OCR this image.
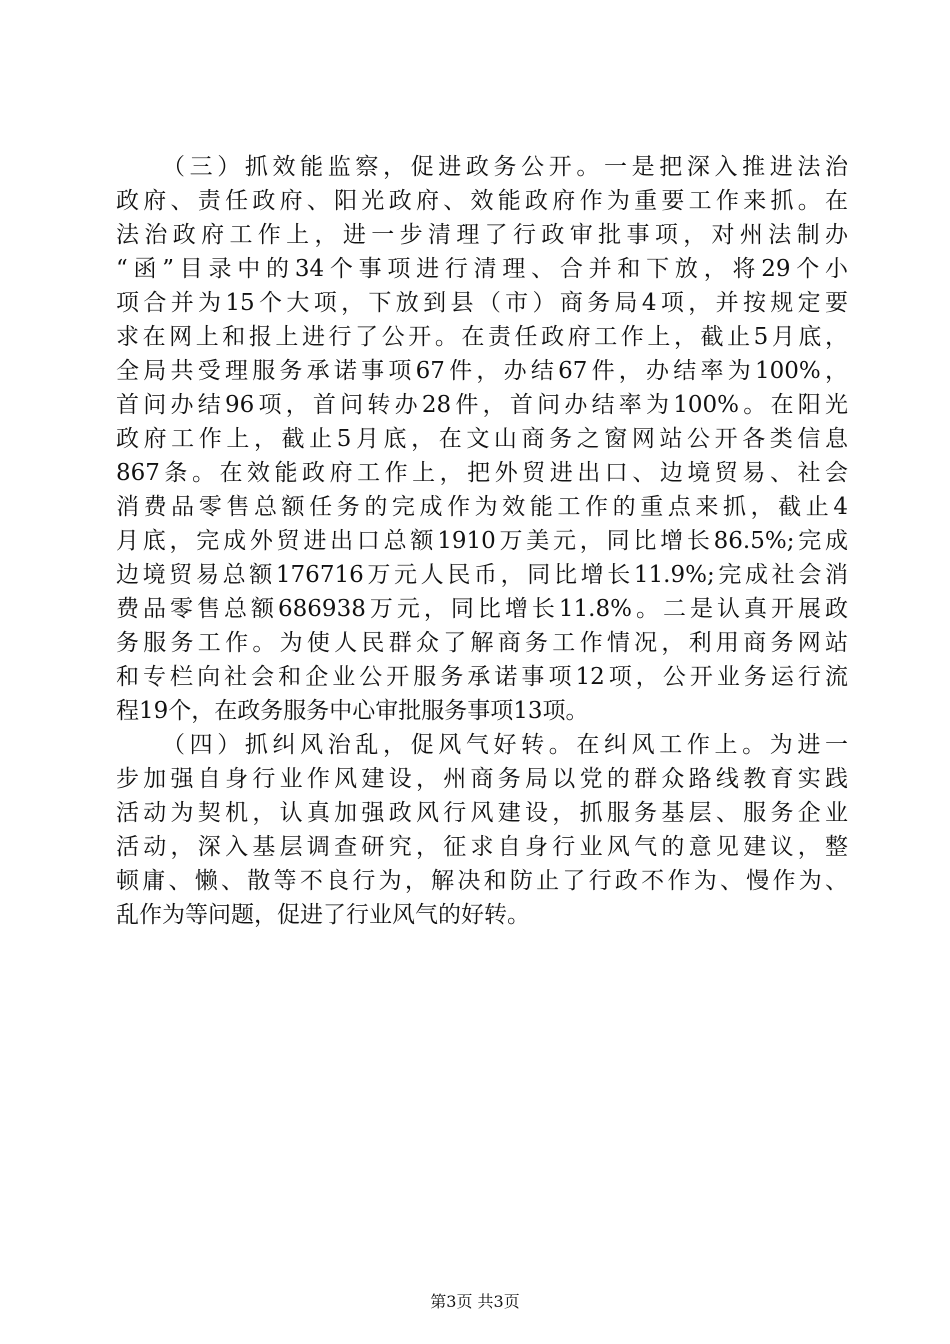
（三）抓效能监察，促进政务公开。一是把深入推进法治
政府、责任政府、阳光政府、效能政府作为重要工作来抓。在
法治政府工作上，进一步清理了行政审批事项，对州法制办
“函”目录中的34个事项进行清理、合并和下放，将29个小
项合并为15个大项，下放到县（市）商务局4项，并按规定要
求在网上和报上进行了公开。在责任政府工作上，截止5月底，
全局共受理服务承诺事项67件，办结67件，办结率为100%，
首问办结96项，首问转办28件，首问办结率为100%。在阳光
政府工作上，截止5月底，在文山商务之窗网站公开各类信息
867条。在效能政府工作上，把外贸进出口、边境贸易、社会
消费品零售总额任务的完成作为效能工作的重点来抓，截止4
月底，完成外贸进出口总额1910万美元，同比增长86.5%;完成
边境贸易总额176716万元人民币，同比增长11.9%;完成社会消
费品零售总额686938万元，同比增长11.8%。二是认真开展政
务服务工作。为使人民群众了解商务工作情况，利用商务网站
和专栏向社会和企业公开服务承诺事项12项，公开业务运行流
程19个，在政务服务中心审批服务事项13项。
（四）抓纠风治乱，促风气好转。在纠风工作上。为进一
步加强自身行业作风建设，州商务局以党的群众路线教育实践
活动为契机，认真加强政风行风建设，抓服务基层、服务企业
活动，深入基层调查研究，征求自身行业风气的意见建议，整
顿庸、懒、散等不良行为，解决和防止了行政不作为、慢作为、
乱作为等问题，促进了行业风气的好转。
第3页 共3页
